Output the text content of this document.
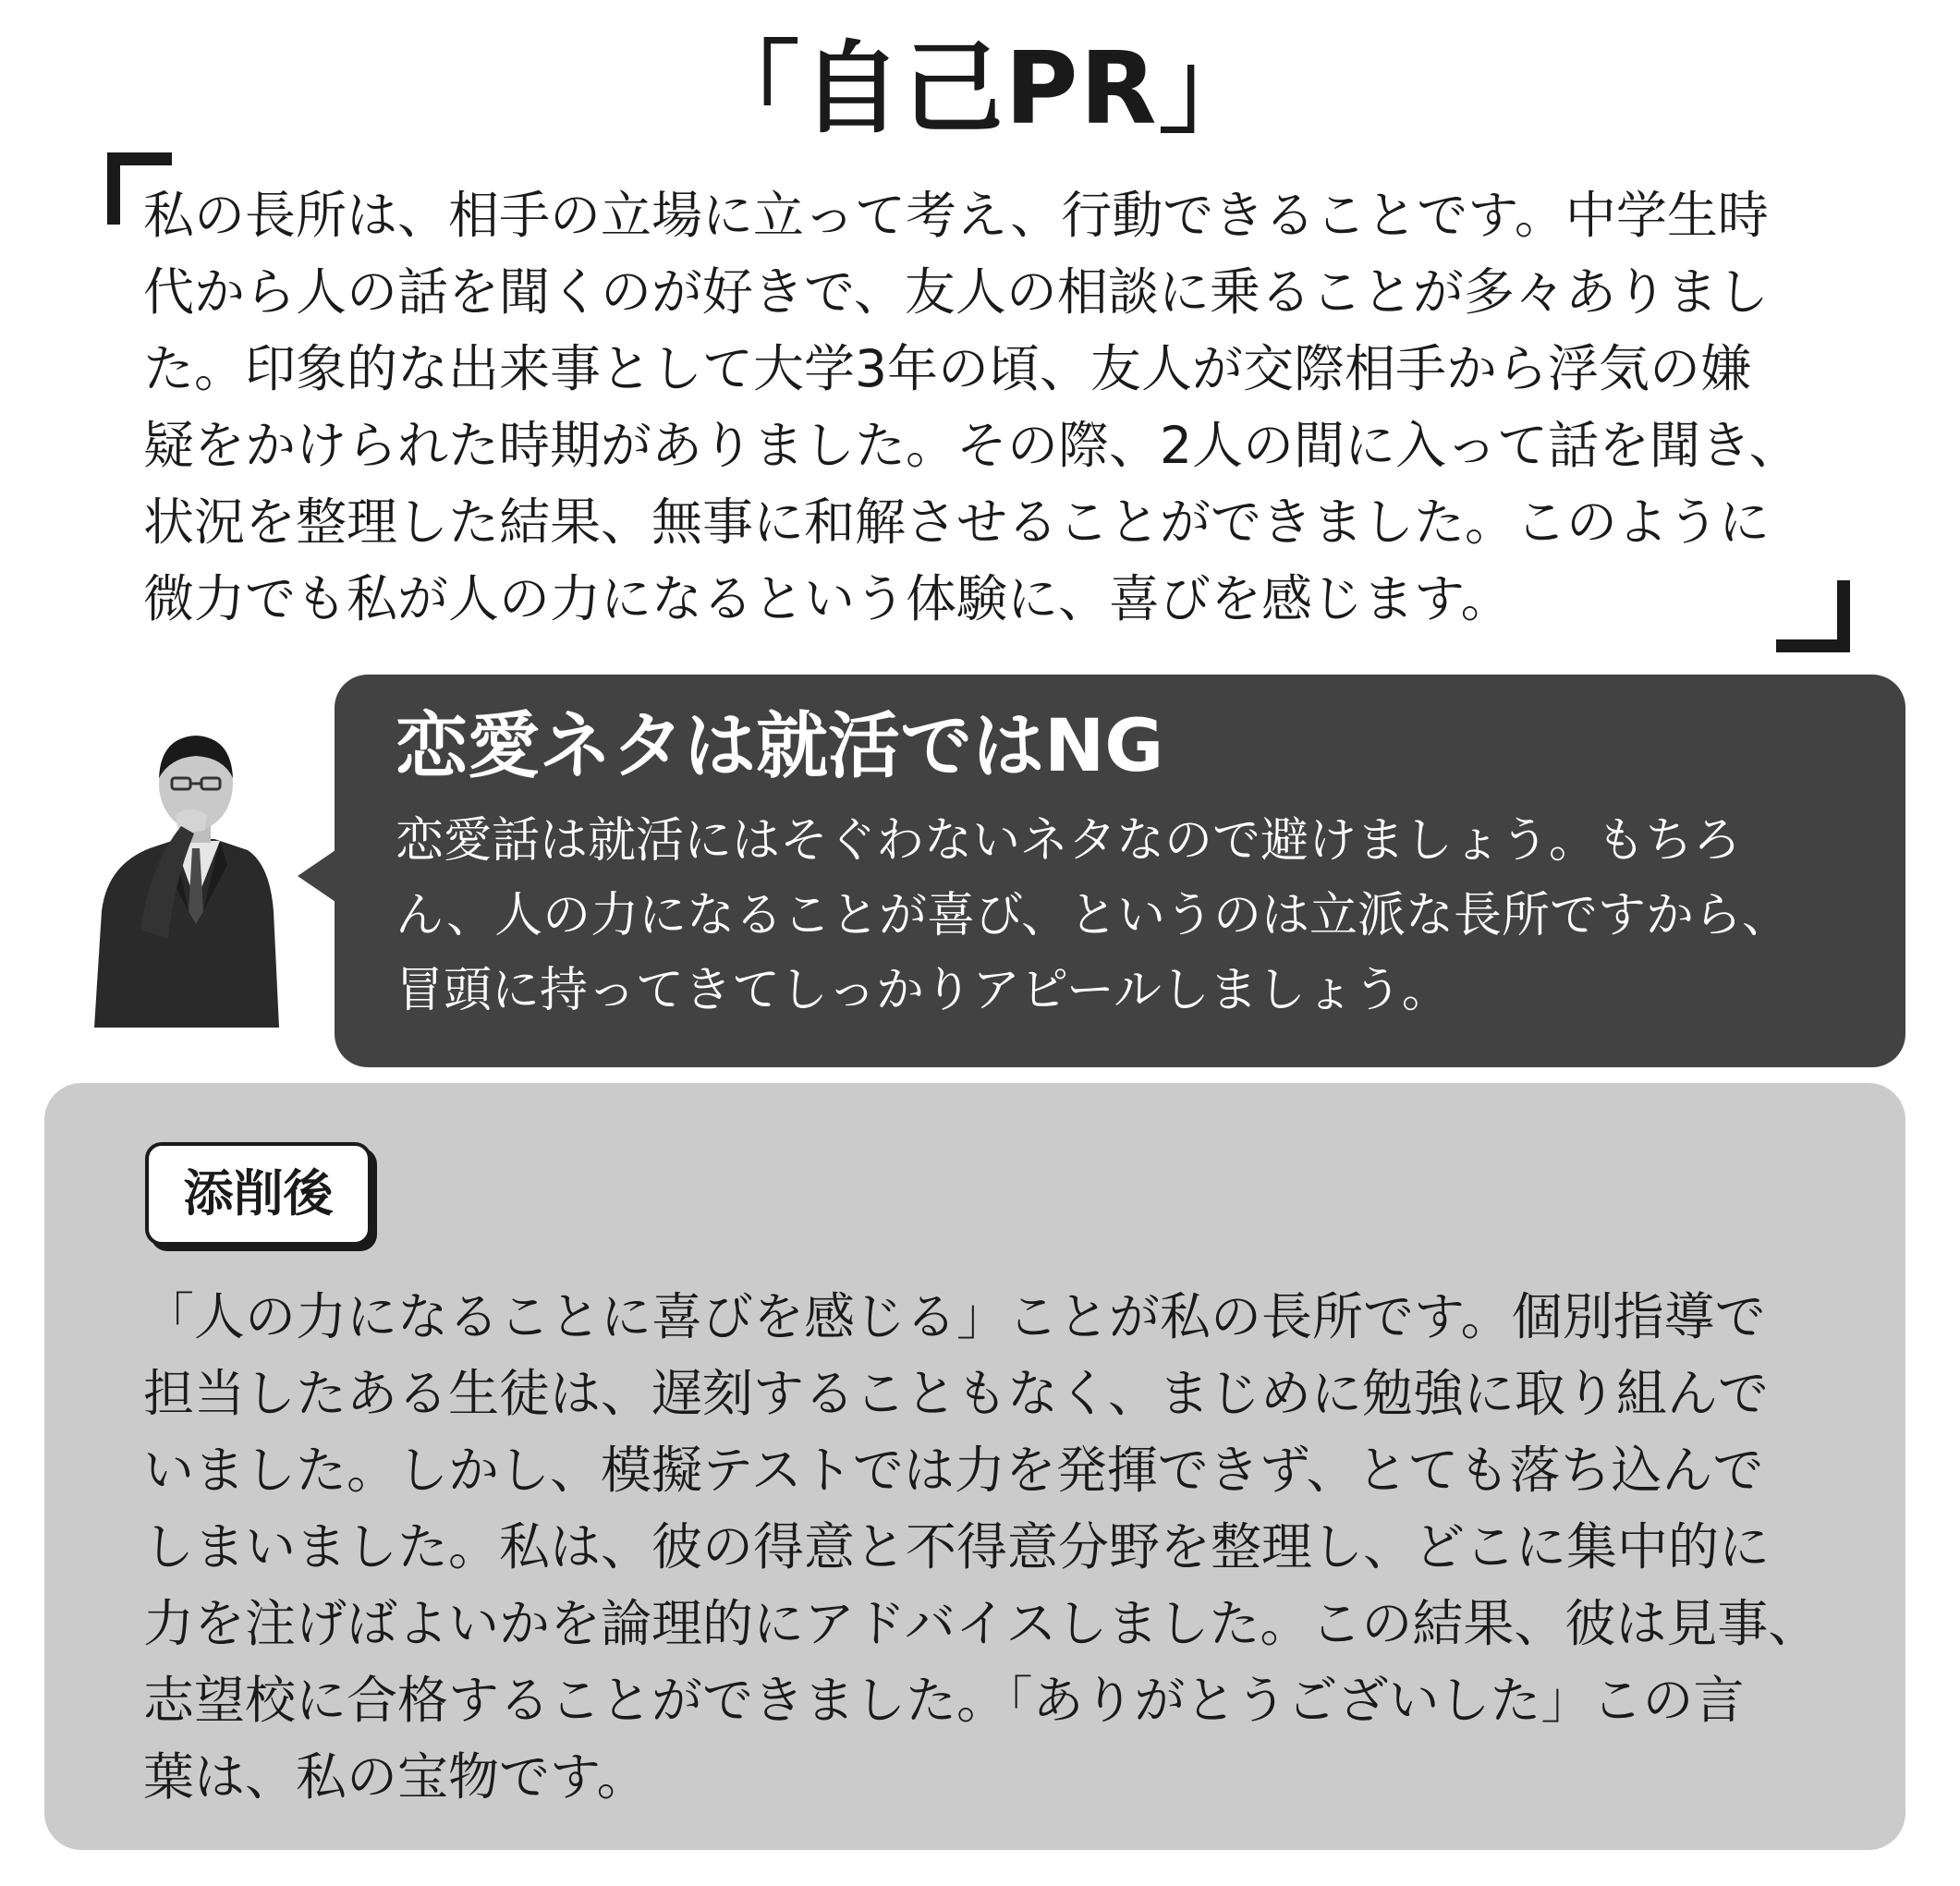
「自己PR」

私の長所は、相手の立場に立って考え、行動できることです。中学生時
代から人の話を聞くのが好きで、友人の相談に乗ることが多々ありまし
た。印象的な出来事として大学3年の頃、友人が交際相手から浮気の嫌
疑をかけられた時期がありました。その際、2人の間に入って話を聞き、
状況を整理した結果、無事に和解させることができました。このように
微力でも私が人の力になるという体験に、喜びを感じます。

恋愛ネタは就活ではNG

恋愛話は就活にはそぐわないネタなので避けましょう。もちろ
ん、人の力になることが喜び、というのは立派な長所ですから、
冒頭に持ってきてしっかりアピールしましょう。

添削後

「人の力になることに喜びを感じる」ことが私の長所です。個別指導で
担当したある生徒は、遅刻することもなく、まじめに勉強に取り組んで
いました。しかし、模擬テストでは力を発揮できず、とても落ち込んで
しまいました。私は、彼の得意と不得意分野を整理し、どこに集中的に
力を注げばよいかを論理的にアドバイスしました。この結果、彼は見事、
志望校に合格することができました。「ありがとうございした」この言
葉は、私の宝物です。
